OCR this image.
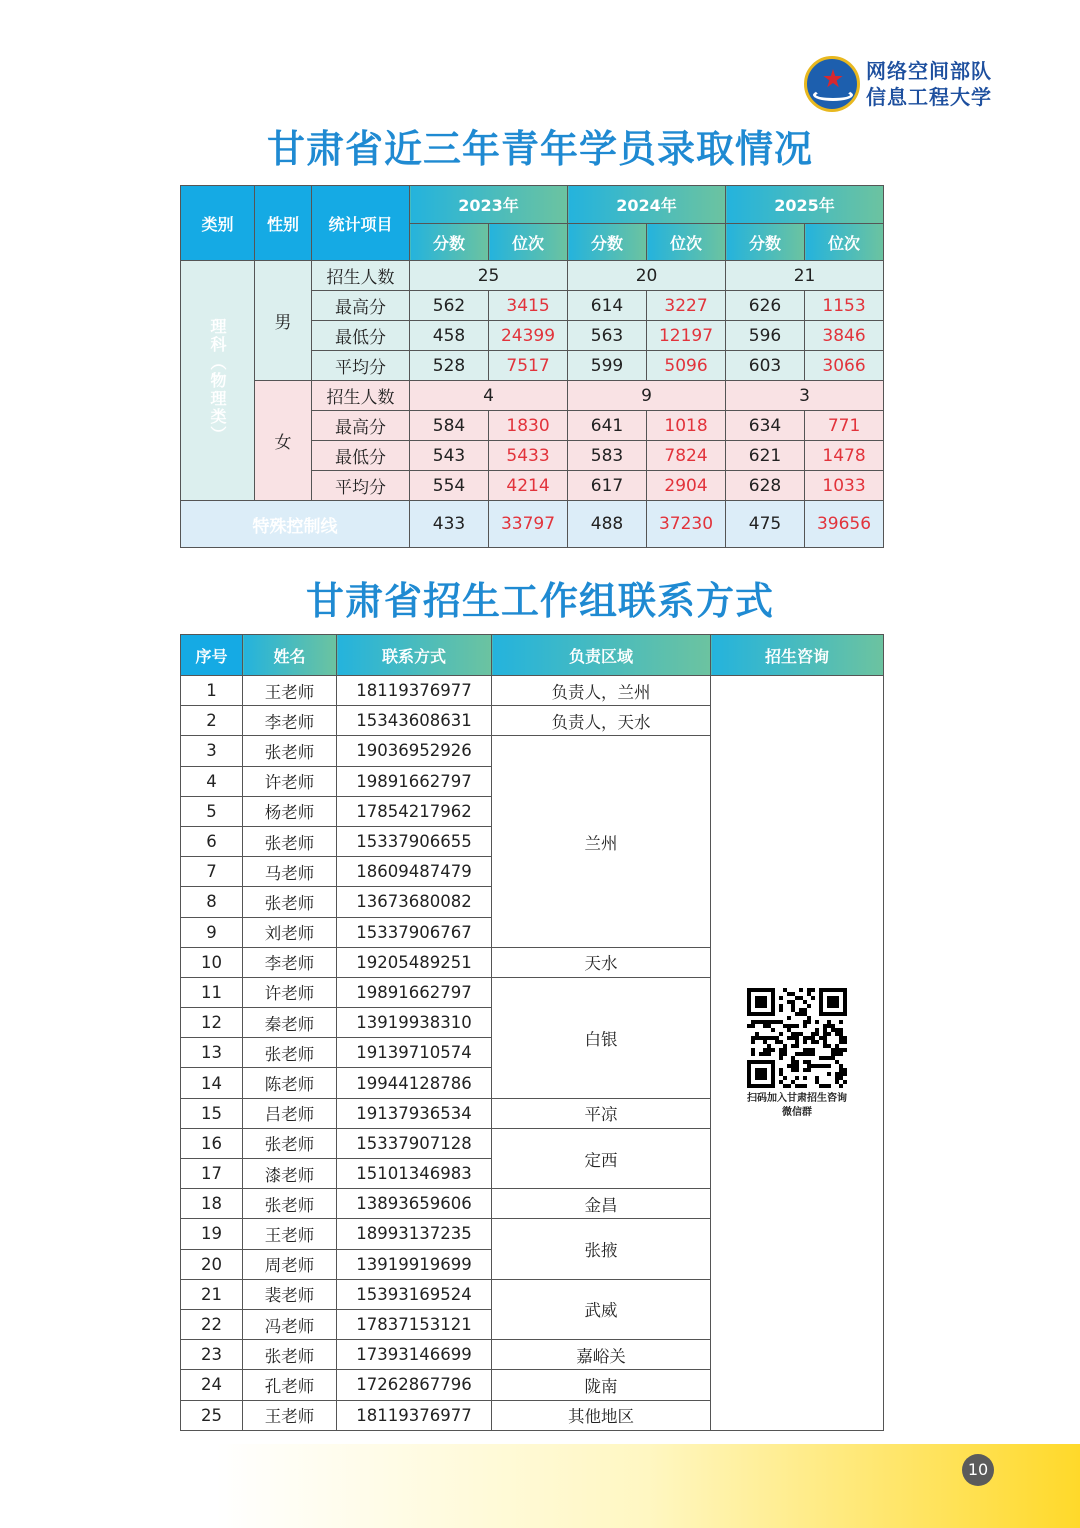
网络空间部队
信息工程大学
甘肃省近三年青年学员录取情况
类别	性别	统计项目	2023年		2024年		2025年	
			分数	位次	分数	位次	分数	位次

理科（物理类）	男	招生人数	25		20		21	
		最高分	562	3415	614	3227	626	1153
		最低分	458	24399	563	12197	596	3846
		平均分	528	7517	599	5096	603	3066
	女	招生人数	4		9		3	
		最高分	584	1830	641	1018	634	771
		最低分	543	5433	583	7824	621	1478
		平均分	554	4214	617	2904	628	1033
特殊控制线			433	33797	488	37230	475	39656
甘肃省招生工作组联系方式
序号	姓名	联系方式	负责区域	招生咨询
1	王老师	18119376977	负责人，兰州	扫码加入甘肃招生咨询
微信群

2	李老师	15343608631	负责人，天水	
3	张老师	19036952926	兰州	
4	许老师	19891662797		
5	杨老师	17854217962		
6	张老师	15337906655		
7	马老师	18609487479		
8	张老师	13673680082		
9	刘老师	15337906767		
10	李老师	19205489251	天水	
11	许老师	19891662797	白银	
12	秦老师	13919938310		
13	张老师	19139710574		
14	陈老师	19944128786		
15	吕老师	19137936534	平凉	
16	张老师	15337907128	定西	
17	漆老师	15101346983		
18	张老师	13893659606	金昌	
19	王老师	18993137235	张掖	
20	周老师	13919919699		
21	裴老师	15393169524	武威	
22	冯老师	17837153121		
23	张老师	17393146699	嘉峪关	
24	孔老师	17262867796	陇南	
25	王老师	18119376977	其他地区	
10
